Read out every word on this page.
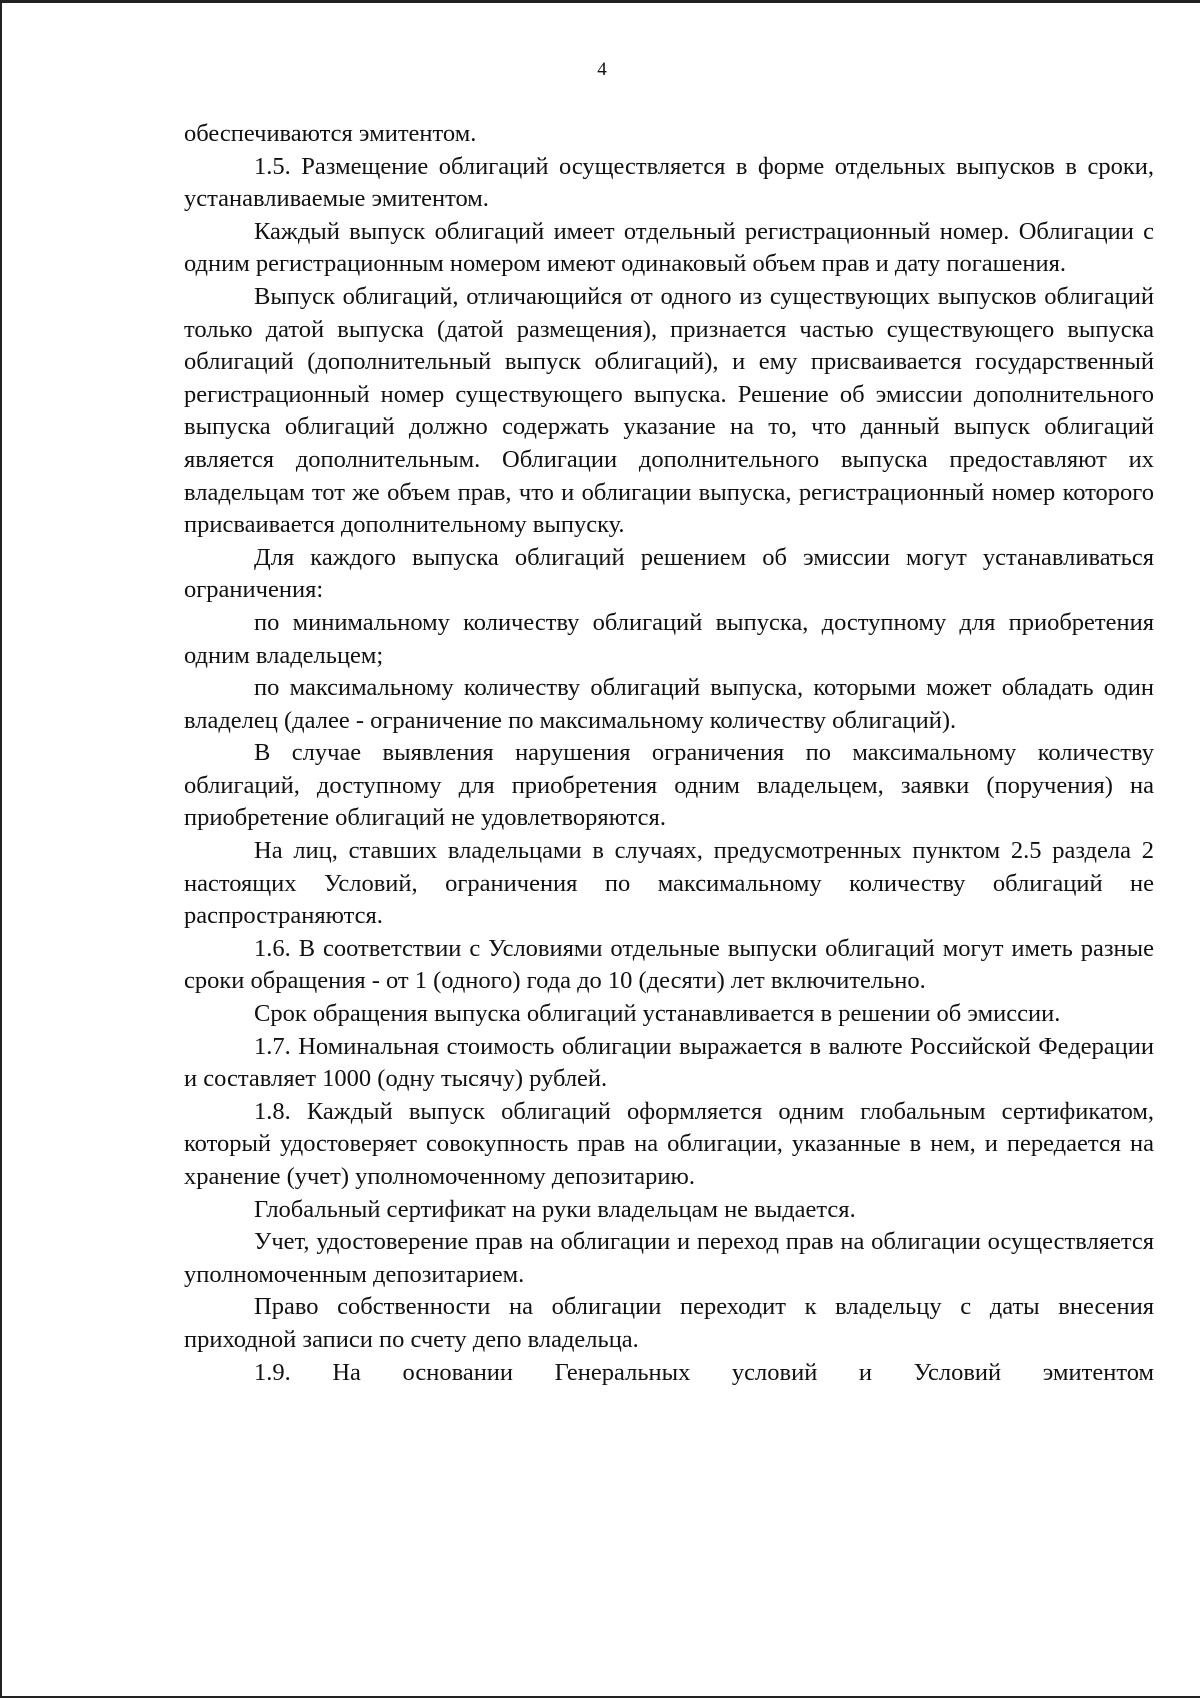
4

обеспечиваются эмитентом.

1.5. Размещение облигаций осуществляется в форме отдельных выпусков в сроки, устанавливаемые эмитентом.

Каждый выпуск облигаций имеет отдельный регистрационный номер. Облигации с одним регистрационным номером имеют одинаковый объем прав и дату погашения.

Выпуск облигаций, отличающийся от одного из существующих выпусков облигаций только датой выпуска (датой размещения), признается частью существующего выпуска облигаций (дополнительный выпуск облигаций), и ему присваивается государственный регистрационный номер существующего выпуска. Решение об эмиссии дополнительного выпуска облигаций должно содержать указание на то, что данный выпуск облигаций является дополнительным. Облигации дополнительного выпуска предоставляют их владельцам тот же объем прав, что и облигации выпуска, регистрационный номер которого присваивается дополнительному выпуску.

Для каждого выпуска облигаций решением об эмиссии могут устанавливаться ограничения:

по минимальному количеству облигаций выпуска, доступному для приобретения одним владельцем;

по максимальному количеству облигаций выпуска, которыми может обладать один владелец (далее - ограничение по максимальному количеству облигаций).

В случае выявления нарушения ограничения по максимальному количеству облигаций, доступному для приобретения одним владельцем, заявки (поручения) на приобретение облигаций не удовлетворяются.

На лиц, ставших владельцами в случаях, предусмотренных пунктом 2.5 раздела 2 настоящих Условий, ограничения по максимальному количеству облигаций не распространяются.

1.6. В соответствии с Условиями отдельные выпуски облигаций могут иметь разные сроки обращения - от 1 (одного) года до 10 (десяти) лет включительно.

Срок обращения выпуска облигаций устанавливается в решении об эмиссии.

1.7. Номинальная стоимость облигации выражается в валюте Российской Федерации и составляет 1000 (одну тысячу) рублей.

1.8. Каждый выпуск облигаций оформляется одним глобальным сертификатом, который удостоверяет совокупность прав на облигации, указанные в нем, и передается на хранение (учет) уполномоченному депозитарию.

Глобальный сертификат на руки владельцам не выдается.

Учет, удостоверение прав на облигации и переход прав на облигации осуществляется уполномоченным депозитарием.

Право собственности на облигации переходит к владельцу с даты внесения приходной записи по счету депо владельца.

1.9. На основании Генеральных условий и Условий эмитентом
